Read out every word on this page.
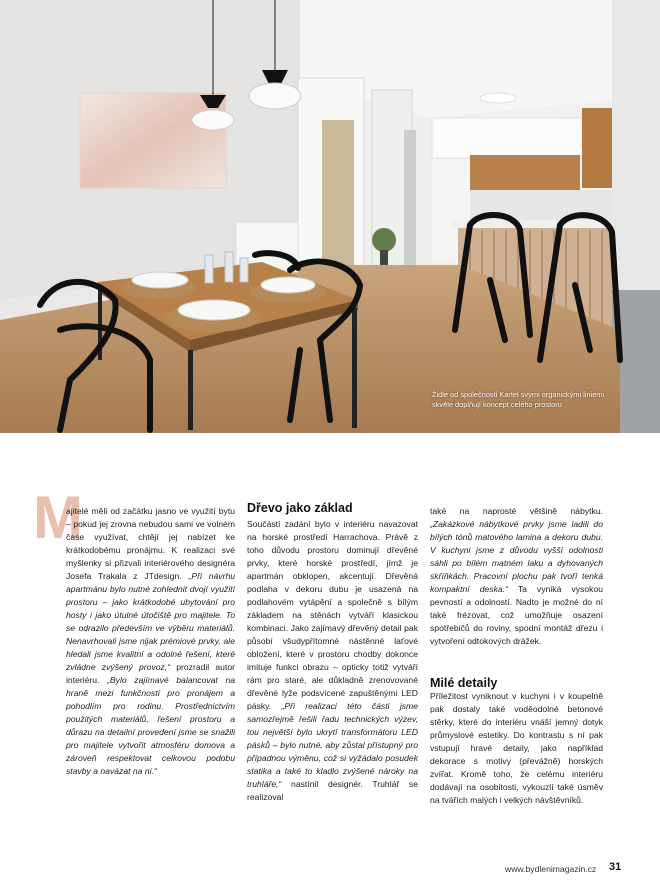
Židle od společnosti Kartel svými organickými liniemi skvěle doplňují koncept celého prostoru
M

ajitelé měli od začátku jasno ve využití bytu – pokud jej zrovna nebudou sami ve volném čase využívat, chtějí jej nabízet ke krátkodobému pronájmu. K realizaci své myšlenky si přizvali interiérového designéra Josefa Trakala z JTdesign. „Při návrhu apartmánu bylo nutné zohlednit dvojí využití prostoru – jako krátkodobé ubytování pro hosty i jako útulné útočiště pro majitele. To se odrazilo především ve výběru materiálů. Nenavrhovali jsme nijak prémiové prvky, ale hledali jsme kvalitní a odolné řešení, které zvládne zvýšený provoz,“ prozradil autor interiéru. „Bylo zajímavé balancovat na hraně mezi funkčností pro pronájem a pohodlím pro rodinu. Prostřednictvím použitých materiálů, řešení prostoru a důrazu na detailní provedení jsme se snažili pro majitele vytvořit atmosféru domova a zároveň respektovat celkovou podobu stavby a navázat na ni.“

Dřevo jako základ

Součástí zadání bylo v interiéru navazovat na horské prostředí Harrachova. Právě z toho důvodu prostoru dominují dřevěné prvky, které horské prostředí, jímž je apartmán obklopen, akcentují. Dřevěná podlaha v dekoru dubu je usazená na podlahovém vytápění a společně s bílým základem na stěnách vytváří klasickou kombinaci. Jako zajímavý dřevěný detail pak působí všudypřítomné nástěnné laťové obložení, které v prostoru chodby dokonce imituje funkci obrazu – opticky totiž vytváří rám pro staré, ale důkladně zrenovované dřevěné lyže podsvícené zapuštěnými LED pásky. „Při realizaci této části jsme samozřejmě řešili řadu technických výzev, tou největší bylo ukrytí transformátoru LED pásků – bylo nutné, aby zůstal přístupný pro případnou výměnu, což si vyžádalo posudek statika a také to kladlo zvýšené nároky na truhláře,“ nastínil designér. Truhlář se realizoval

také na naprosté většině nábytku. „Zakázkové nábytkové prvky jsme ladili do bílých tónů matového lamina a dekoru dubu. V kuchyni jsme z důvodu vyšší odolnosti sáhli po bílém matném laku a dyhovaných skříňkách. Pracovní plochu pak tvoří tenká kompaktní deska.“ Ta vyniká vysokou pevností a odolností. Nadto je možné do ní také frézovat, což umožňuje osazení spotřebičů do roviny, spodní montáž dřezu i vytvoření odtokových drážek.

Milé detaily

Příležitost vyniknout v kuchyni i v koupelně pak dostaly také voděodolné betonové stěrky, které do interiéru vnáší jemný dotyk průmyslové estetiky. Do kontrastu s ní pak vstupují hravé detaily, jako například dekorace s motivy (převážně) horských zvířat. Kromě toho, že celému interiéru dodávají na osobitosti, vykouzlí také úsměv na tvářích malých i velkých návštěvníků.

www.bydlenimagazin.cz 31
